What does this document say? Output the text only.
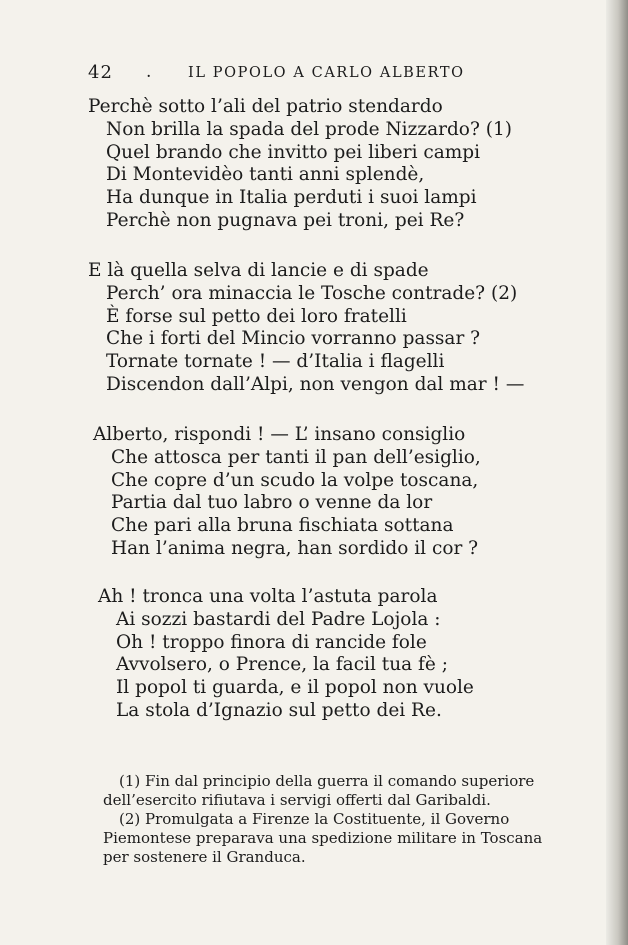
42 .	IL POPOLO A CARLO ALBERTO
Perchè sotto l’ali del patrio stendardo
Non brilla la spada del prode Nizzardo? (1)
Quel brando che invitto pei liberi campi
Di Montevidèo tanti anni splendè,
Ha dunque in Italia perduti i suoi lampi
Perchè non pugnava pei troni, pei Re?
E là quella selva di lancie e di spade
Perch’ ora minaccia le Tosche contrade? (2)
È forse sul petto dei loro fratelli
Che i forti del Mincio vorranno passar ?
Tornate tornate ! — d’Italia i flagelli
Discendon dall’Alpi, non vengon dal mar ! —
Alberto, rispondi ! — L’ insano consiglio
Che attosca per tanti il pan dell’esiglio,
Che copre d’un scudo la volpe toscana,
Partia dal tuo labro o venne da lor
Che pari alla bruna fischiata sottana
Han l’anima negra, han sordido il cor ?
Ah ! tronca una volta l’astuta parola
Ai sozzi bastardi del Padre Lojola :
Oh ! troppo finora di rancide fole
Avvolsero, o Prence, la facil tua fè ;
Il popol ti guarda, e il popol non vuole
La stola d’Ignazio sul petto dei Re.
(1) Fin dal principio della guerra il comando superiore
dell’esercito rifiutava i servigi offerti dal Garibaldi.
(2) Promulgata a Firenze la Costituente, il Governo
Piemontese preparava una spedizione militare in Toscana
per sostenere il Granduca.
